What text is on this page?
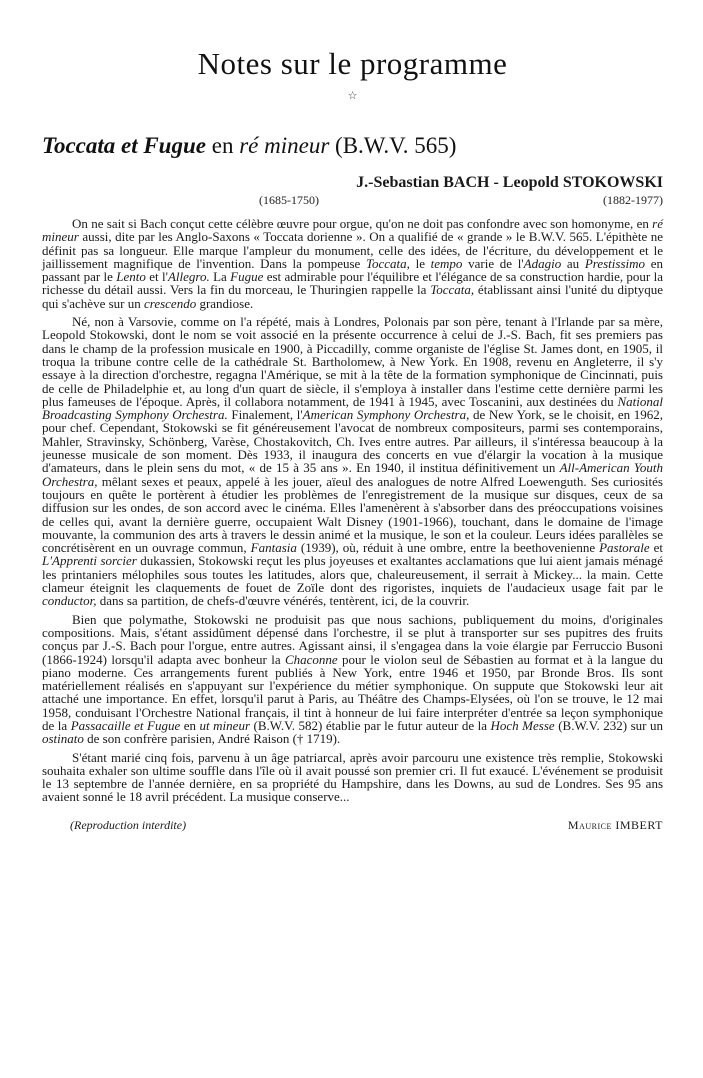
Notes sur le programme
☆
Toccata et Fugue en ré mineur (B.W.V. 565)
J.-Sebastian BACH - Leopold STOKOWSKI
(1685-1750)	(1882-1977)

On ne sait si Bach conçut cette célèbre œuvre pour orgue, qu'on ne doit pas confondre avec son homonyme, en ré mineur aussi, dite par les Anglo-Saxons « Toccata dorienne ». On a qualifié de « grande » le B.W.V. 565. L'épithète ne définit pas sa longueur. Elle marque l'ampleur du monument, celle des idées, de l'écriture, du développement et le jaillissement magnifique de l'invention. Dans la pompeuse Toccata, le tempo varie de l'Adagio au Prestissimo en passant par le Lento et l'Allegro. La Fugue est admirable pour l'équilibre et l'élégance de sa construction hardie, pour la richesse du détail aussi. Vers la fin du morceau, le Thuringien rappelle la Toccata, établissant ainsi l'unité du diptyque qui s'achève sur un crescendo grandiose.

Né, non à Varsovie, comme on l'a répété, mais à Londres, Polonais par son père, tenant à l'Irlande par sa mère, Leopold Stokowski, dont le nom se voit associé en la présente occurrence à celui de J.-S. Bach, fit ses premiers pas dans le champ de la profession musicale en 1900, à Piccadilly, comme organiste de l'église St. James dont, en 1905, il troqua la tribune contre celle de la cathédrale St. Bartholomew, à New York. En 1908, revenu en Angleterre, il s'y essaye à la direction d'orchestre, regagna l'Amérique, se mit à la tête de la formation symphonique de Cincinnati, puis de celle de Philadelphie et, au long d'un quart de siècle, il s'employa à installer dans l'estime cette dernière parmi les plus fameuses de l'époque. Après, il collabora notamment, de 1941 à 1945, avec Toscanini, aux destinées du National Broadcasting Symphony Orchestra. Finalement, l'American Symphony Orchestra, de New York, se le choisit, en 1962, pour chef. Cependant, Stokowski se fit généreusement l'avocat de nombreux compositeurs, parmi ses contemporains, Mahler, Stravinsky, Schönberg, Varèse, Chostakovitch, Ch. Ives entre autres. Par ailleurs, il s'intéressa beaucoup à la jeunesse musicale de son moment. Dès 1933, il inaugura des concerts en vue d'élargir la vocation à la musique d'amateurs, dans le plein sens du mot, « de 15 à 35 ans ». En 1940, il institua définitivement un All-American Youth Orchestra, mêlant sexes et peaux, appelé à les jouer, aïeul des analogues de notre Alfred Loewenguth. Ses curiosités toujours en quête le portèrent à étudier les problèmes de l'enregistrement de la musique sur disques, ceux de sa diffusion sur les ondes, de son accord avec le cinéma. Elles l'amenèrent à s'absorber dans des préoccupations voisines de celles qui, avant la dernière guerre, occupaient Walt Disney (1901-1966), touchant, dans le domaine de l'image mouvante, la communion des arts à travers le dessin animé et la musique, le son et la couleur. Leurs idées parallèles se concrétisèrent en un ouvrage commun, Fantasia (1939), où, réduit à une ombre, entre la beethovenienne Pastorale et L'Apprenti sorcier dukassien, Stokowski reçut les plus joyeuses et exaltantes acclamations que lui aient jamais ménagé les printaniers mélophiles sous toutes les latitudes, alors que, chaleureusement, il serrait à Mickey... la main. Cette clameur éteignit les claquements de fouet de Zoïle dont des rigoristes, inquiets de l'audacieux usage fait par le conductor, dans sa partition, de chefs-d'œuvre vénérés, tentèrent, ici, de la couvrir.

Bien que polymathe, Stokowski ne produisit pas que nous sachions, publiquement du moins, d'originales compositions. Mais, s'étant assidûment dépensé dans l'orchestre, il se plut à transporter sur ses pupitres des fruits conçus par J.-S. Bach pour l'orgue, entre autres. Agissant ainsi, il s'engagea dans la voie élargie par Ferruccio Busoni (1866-1924) lorsqu'il adapta avec bonheur la Chaconne pour le violon seul de Sébastien au format et à la langue du piano moderne. Ces arrangements furent publiés à New York, entre 1946 et 1950, par Bronde Bros. Ils sont matériellement réalisés en s'appuyant sur l'expérience du métier symphonique. On suppute que Stokowski leur ait attaché une importance. En effet, lorsqu'il parut à Paris, au Théâtre des Champs-Elysées, où l'on se trouve, le 12 mai 1958, conduisant l'Orchestre National français, il tint à honneur de lui faire interpréter d'entrée sa leçon symphonique de la Passacaille et Fugue en ut mineur (B.W.V. 582) établie par le futur auteur de la Hoch Messe (B.W.V. 232) sur un ostinato de son confrère parisien, André Raison († 1719).

S'étant marié cinq fois, parvenu à un âge patriarcal, après avoir parcouru une existence très remplie, Stokowski souhaita exhaler son ultime souffle dans l'île où il avait poussé son premier cri. Il fut exaucé. L'événement se produisit le 13 septembre de l'année dernière, en sa propriété du Hampshire, dans les Downs, au sud de Londres. Ses 95 ans avaient sonné le 18 avril précédent. La musique conserve...

(Reproduction interdite)	Maurice IMBERT
